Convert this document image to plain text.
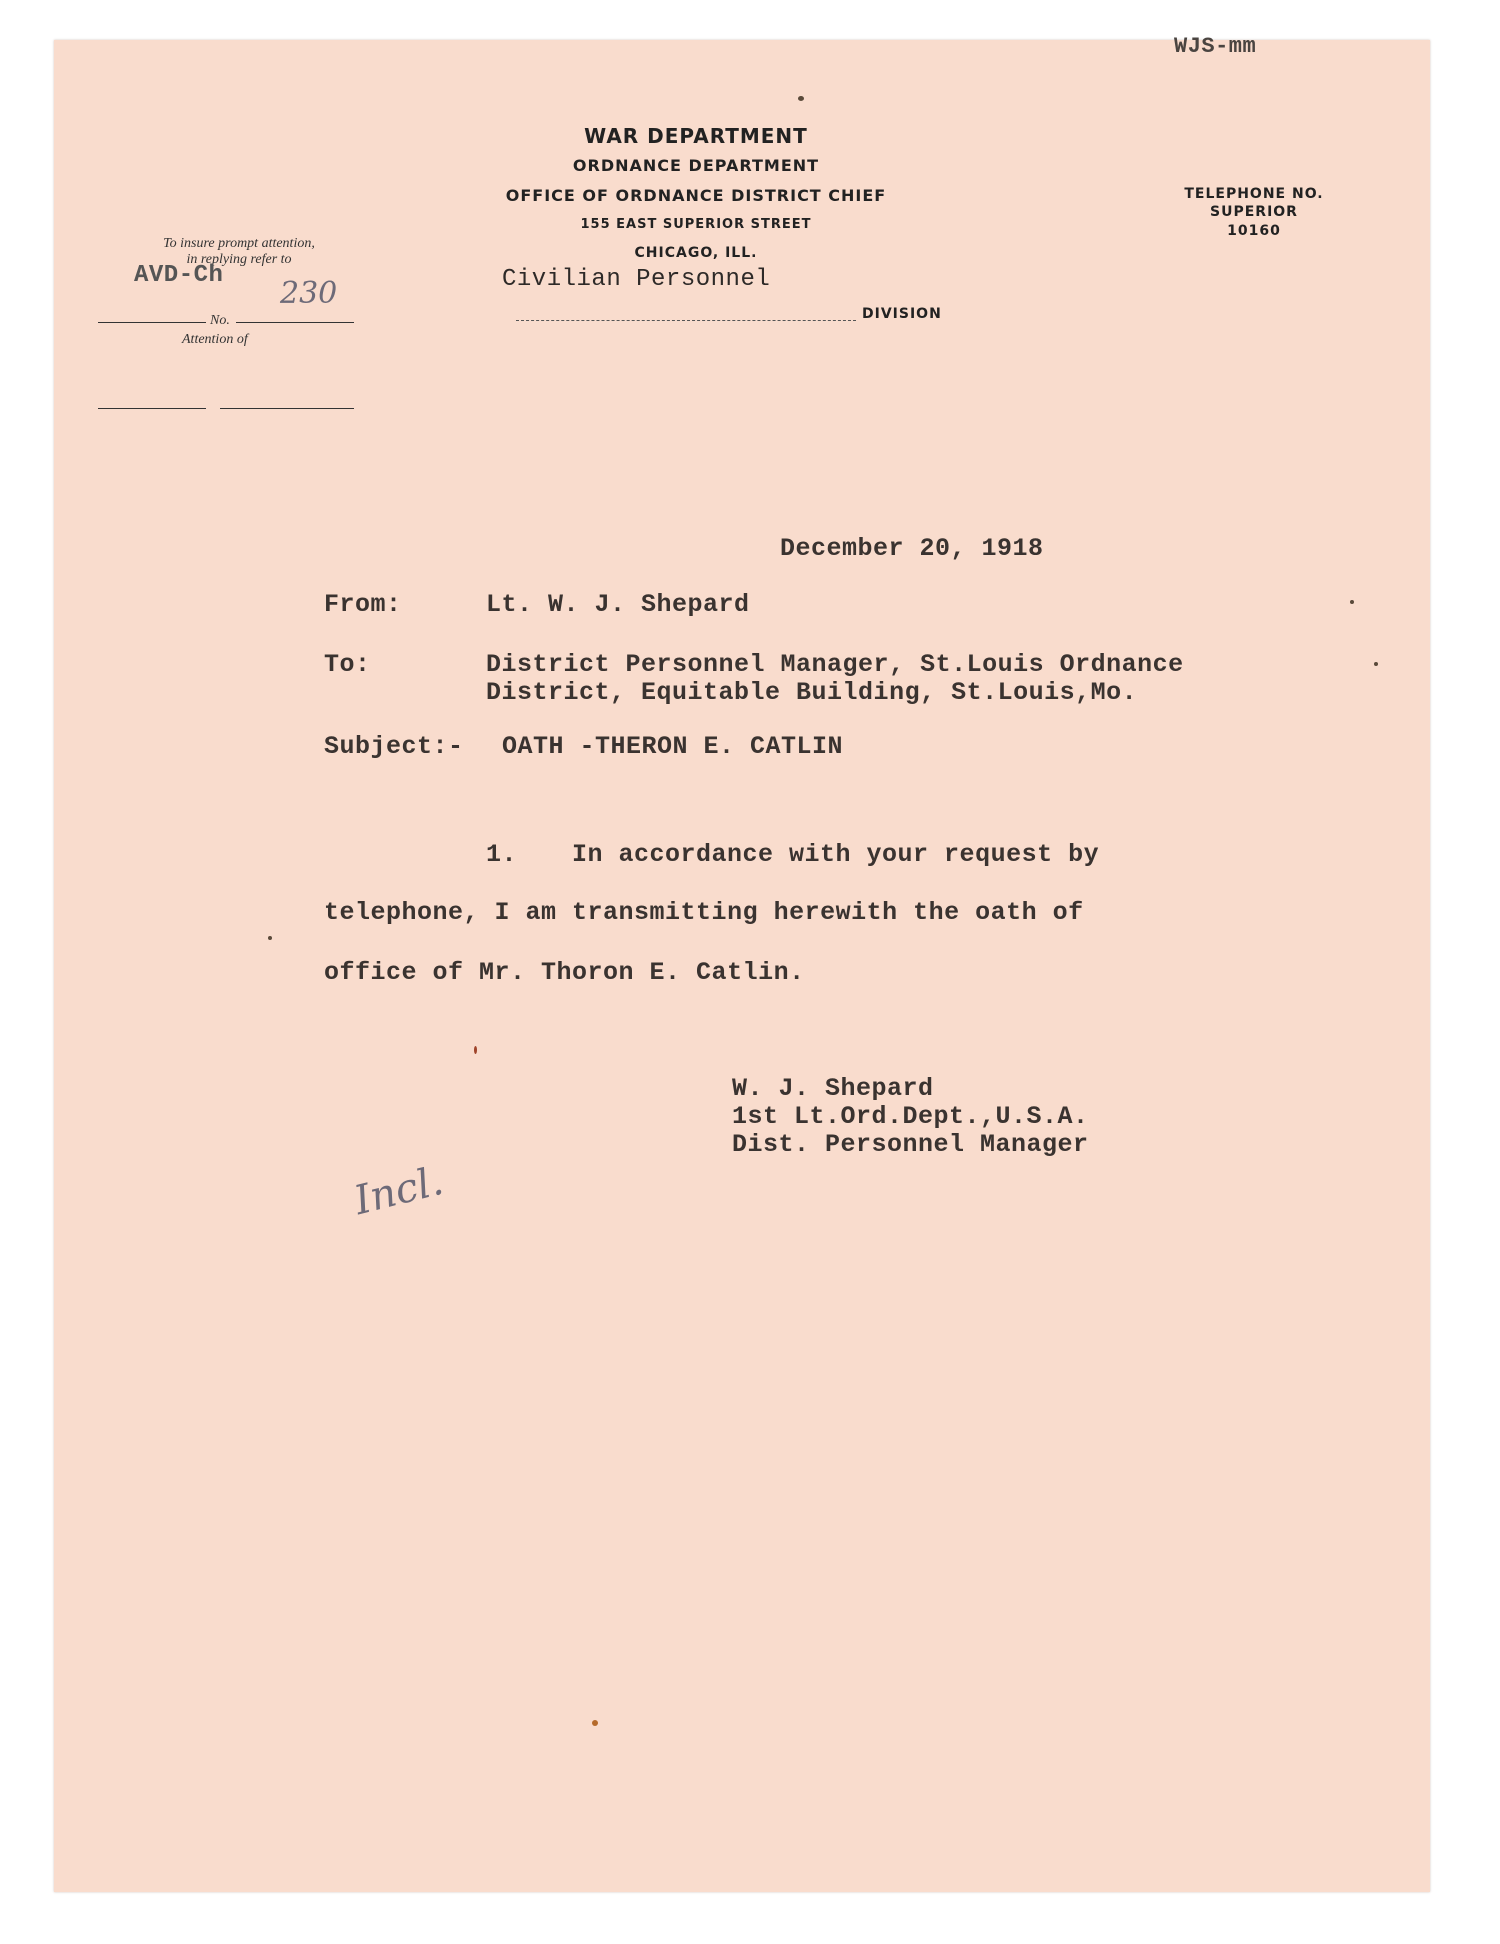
WJS-mm
WAR DEPARTMENT
ORDNANCE DEPARTMENT
OFFICE OF ORDNANCE DISTRICT CHIEF
155 EAST SUPERIOR STREET
CHICAGO, ILL.
Civilian Personnel
DIVISION
TELEPHONE NO.
SUPERIOR
10160
To insure prompt attention,
in replying refer to
AVD-Ch
230
No.
Attention of
December 20, 1918
From:	Lt. W. J. Shepard
To:	District Personnel Manager, St.Louis Ordnance
District, Equitable Building, St.Louis,Mo.
Subject:- OATH -THERON E. CATLIN
1. In accordance with your request by
telephone, I am transmitting herewith the oath of
office of Mr. Thoron E. Catlin.
W. J. Shepard
1st Lt.Ord.Dept.,U.S.A.
Dist. Personnel Manager
Incl.
